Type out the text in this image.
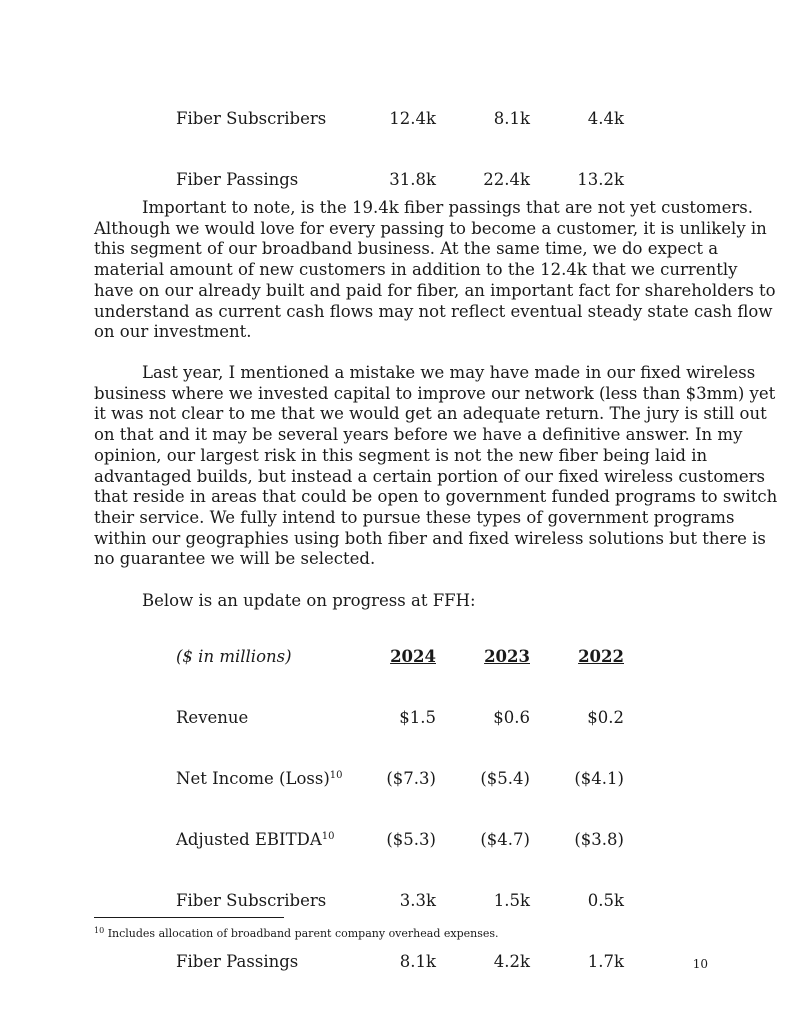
Fiber Subscribers	12.4k	8.1k	4.4k
Fiber Passings	31.8k	22.4k	13.2k

Important to note, is the 19.4k fiber passings that are not yet customers.
Although we would love for every passing to become a customer, it is unlikely in
this segment of our broadband business. At the same time, we do expect a
material amount of new customers in addition to the 12.4k that we currently
have on our already built and paid for fiber, an important fact for shareholders to
understand as current cash flows may not reflect eventual steady state cash flow
on our investment.

Last year, I mentioned a mistake we may have made in our fixed wireless
business where we invested capital to improve our network (less than $3mm) yet
it was not clear to me that we would get an adequate return. The jury is still out
on that and it may be several years before we have a definitive answer. In my
opinion, our largest risk in this segment is not the new fiber being laid in
advantaged builds, but instead a certain portion of our fixed wireless customers
that reside in areas that could be open to government funded programs to switch
their service. We fully intend to pursue these types of government programs
within our geographies using both fiber and fixed wireless solutions but there is
no guarantee we will be selected.

Below is an update on progress at FFH:

($ in millions)	2024	2023	2022
Revenue	$1.5	$0.6	$0.2
Net Income (Loss)$^{10}$	($7.3)	($5.4)	($4.1)
Adjusted EBITDA$^{10}$	($5.3)	($4.7)	($3.8)
Fiber Subscribers	3.3k	1.5k	0.5k
Fiber Passings	8.1k	4.2k	1.7k
$^{10}$ Includes allocation of broadband parent company overhead expenses.
10
